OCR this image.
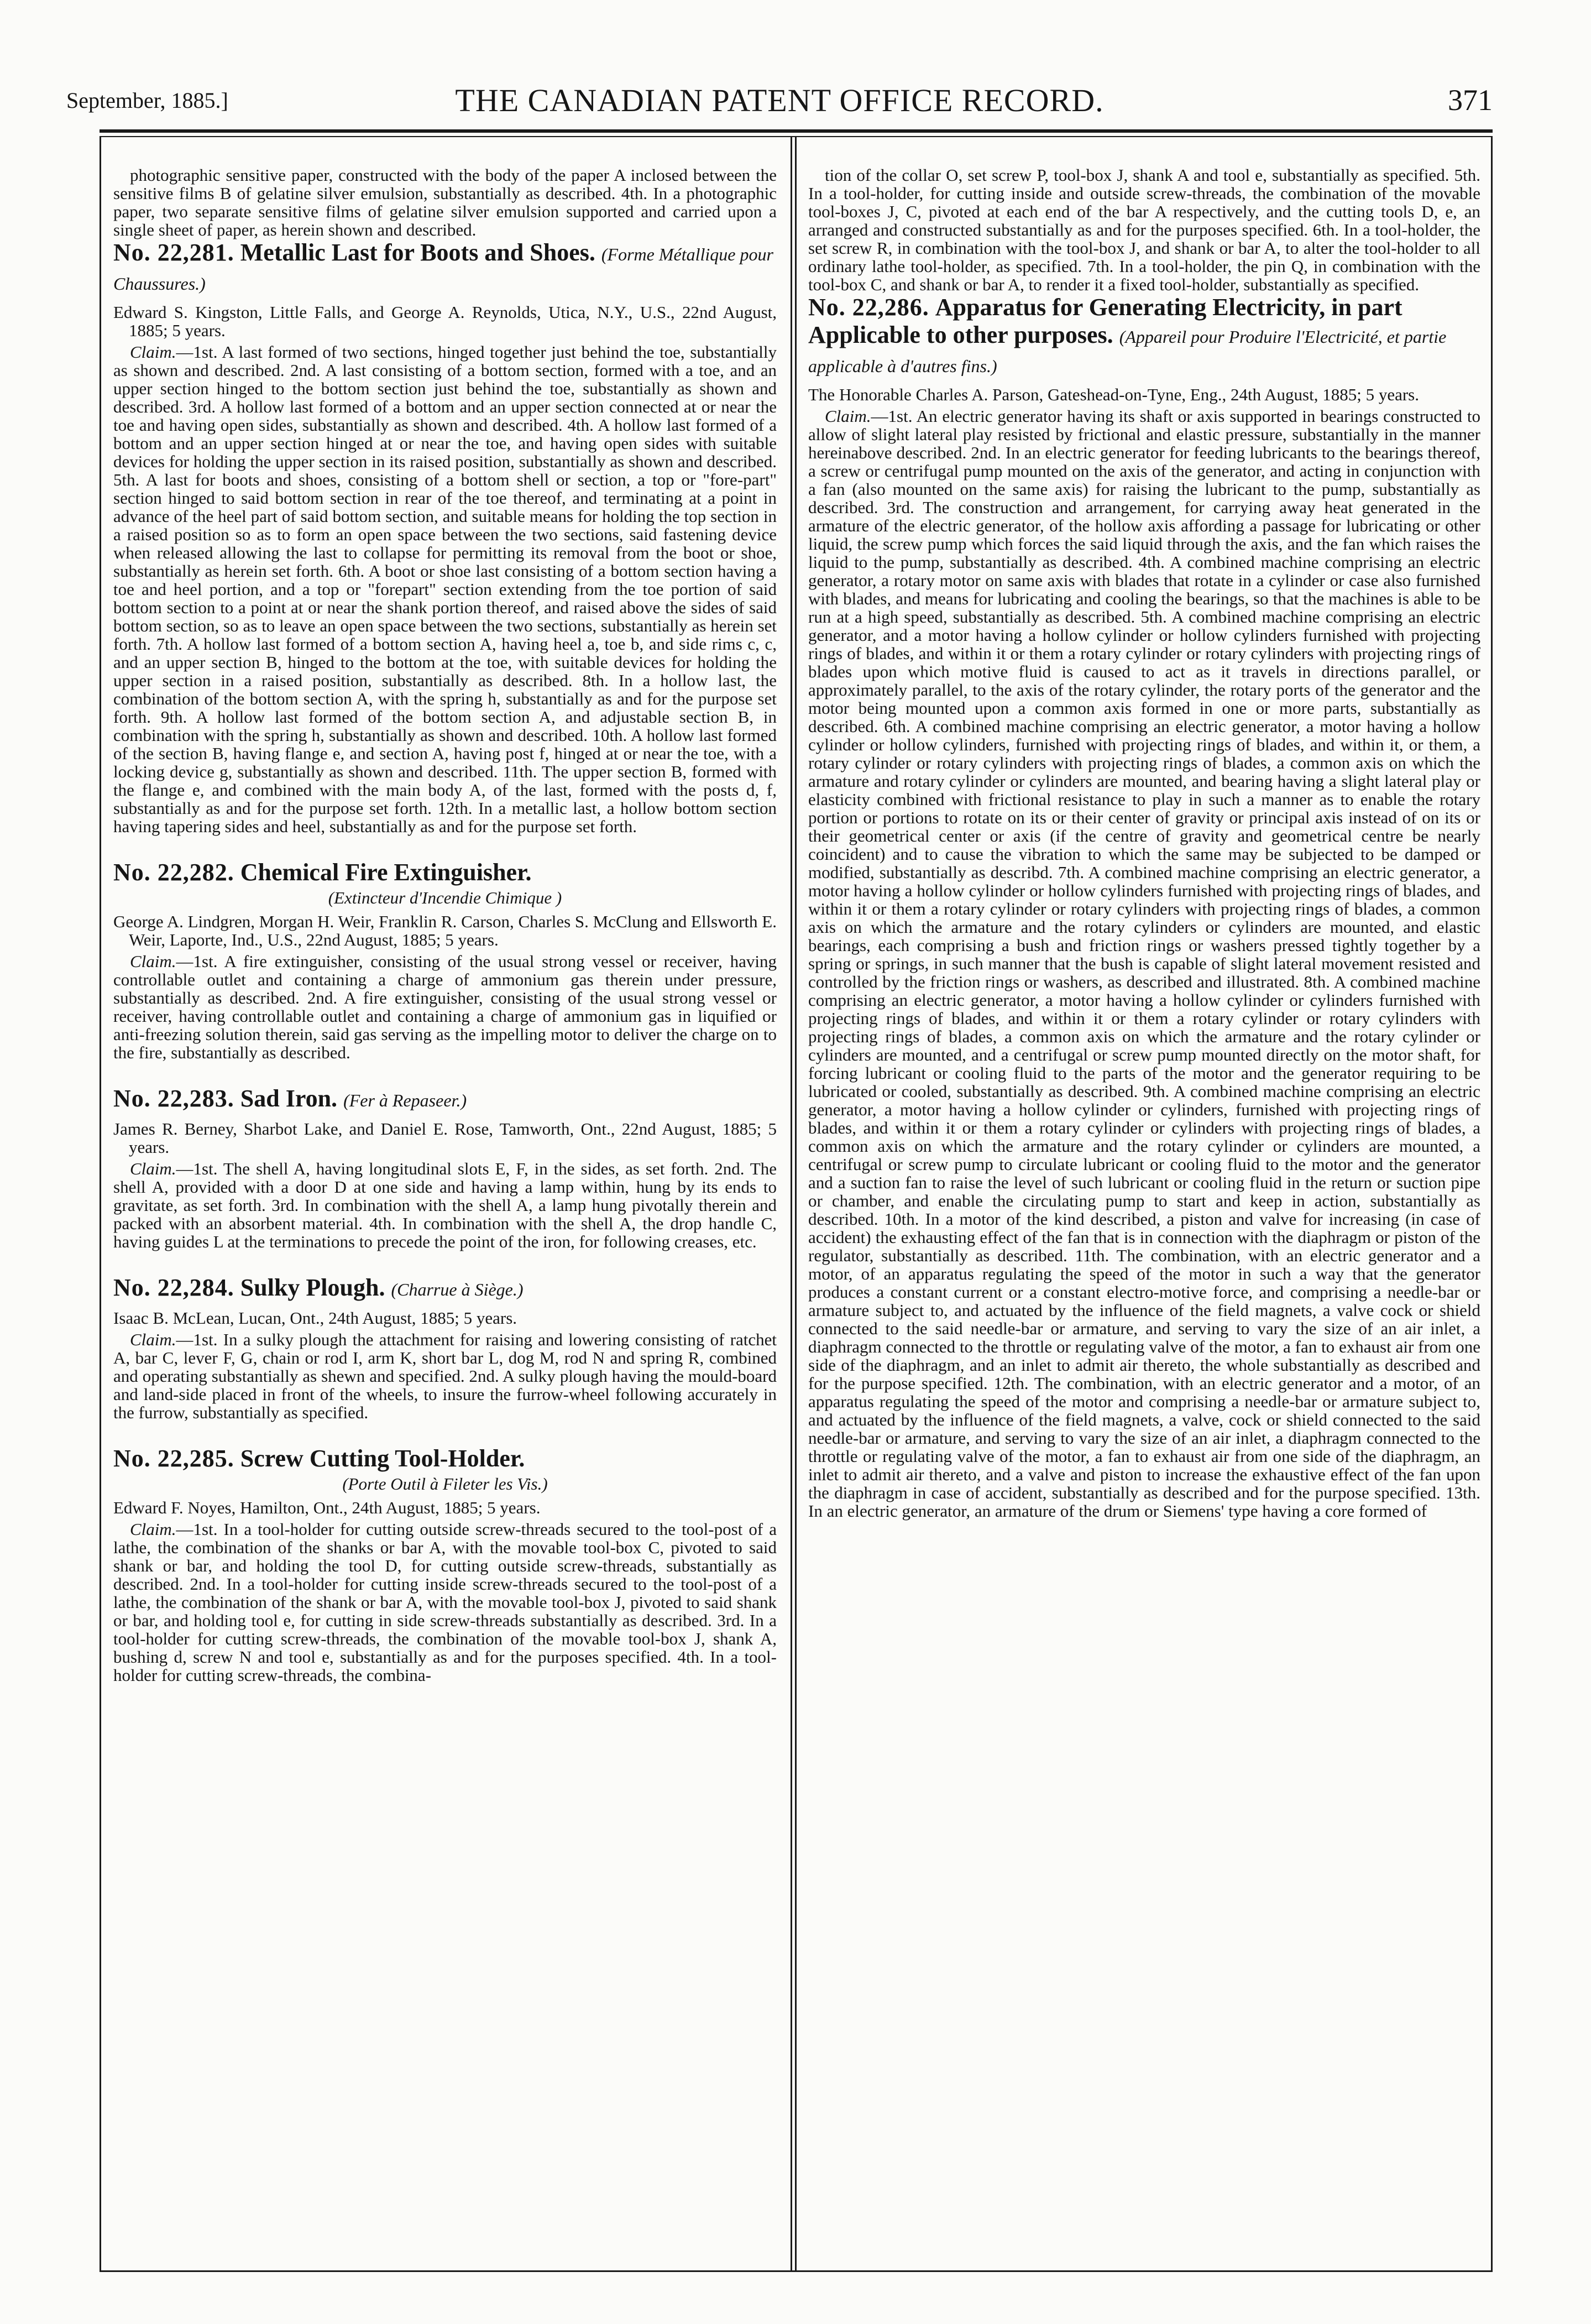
September, 1885.]	THE CANADIAN PATENT OFFICE RECORD.	371

photographic sensitive paper, constructed with the body of the paper A inclosed between the sensitive films B of gelatine silver emulsion, substantially as described. 4th. In a photographic paper, two separate sensitive films of gelatine silver emulsion supported and carried upon a single sheet of paper, as herein shown and described.

No. 22,281. Metallic Last for Boots and Shoes. (Forme Métallique pour Chaussures.)

Edward S. Kingston, Little Falls, and George A. Reynolds, Utica, N.Y., U.S., 22nd August, 1885; 5 years.

Claim.—1st. A last formed of two sections, hinged together just behind the toe, substantially as shown and described. 2nd. A last consisting of a bottom section, formed with a toe, and an upper section hinged to the bottom section just behind the toe, substantially as shown and described. 3rd. A hollow last formed of a bottom and an upper section connected at or near the toe and having open sides, substantially as shown and described. 4th. A hollow last formed of a bottom and an upper section hinged at or near the toe, and having open sides with suitable devices for holding the upper section in its raised position, substantially as shown and described. 5th. A last for boots and shoes, consisting of a bottom shell or section, a top or "fore-part" section hinged to said bottom section in rear of the toe thereof, and terminating at a point in advance of the heel part of said bottom section, and suitable means for holding the top section in a raised position so as to form an open space between the two sections, said fastening device when released allowing the last to collapse for permitting its removal from the boot or shoe, substantially as herein set forth. 6th. A boot or shoe last consisting of a bottom section having a toe and heel portion, and a top or "forepart" section extending from the toe portion of said bottom section to a point at or near the shank portion thereof, and raised above the sides of said bottom section, so as to leave an open space between the two sections, substantially as herein set forth. 7th. A hollow last formed of a bottom section A, having heel a, toe b, and side rims c, c, and an upper section B, hinged to the bottom at the toe, with suitable devices for holding the upper section in a raised position, substantially as described. 8th. In a hollow last, the combination of the bottom section A, with the spring h, substantially as and for the purpose set forth. 9th. A hollow last formed of the bottom section A, and adjustable section B, in combination with the spring h, substantially as shown and described. 10th. A hollow last formed of the section B, having flange e, and section A, having post f, hinged at or near the toe, with a locking device g, substantially as shown and described. 11th. The upper section B, formed with the flange e, and combined with the main body A, of the last, formed with the posts d, f, substantially as and for the purpose set forth. 12th. In a metallic last, a hollow bottom section having tapering sides and heel, substantially as and for the purpose set forth.

No. 22,282. Chemical Fire Extinguisher.

(Extincteur d'Incendie Chimique )

George A. Lindgren, Morgan H. Weir, Franklin R. Carson, Charles S. McClung and Ellsworth E. Weir, Laporte, Ind., U.S., 22nd August, 1885; 5 years.

Claim.—1st. A fire extinguisher, consisting of the usual strong vessel or receiver, having controllable outlet and containing a charge of ammonium gas therein under pressure, substantially as described. 2nd. A fire extinguisher, consisting of the usual strong vessel or receiver, having controllable outlet and containing a charge of ammonium gas in liquified or anti-freezing solution therein, said gas serving as the impelling motor to deliver the charge on to the fire, substantially as described.

No. 22,283. Sad Iron. (Fer à Repaseer.)

James R. Berney, Sharbot Lake, and Daniel E. Rose, Tamworth, Ont., 22nd August, 1885; 5 years.

Claim.—1st. The shell A, having longitudinal slots E, F, in the sides, as set forth. 2nd. The shell A, provided with a door D at one side and having a lamp within, hung by its ends to gravitate, as set forth. 3rd. In combination with the shell A, a lamp hung pivotally therein and packed with an absorbent material. 4th. In combination with the shell A, the drop handle C, having guides L at the terminations to precede the point of the iron, for following creases, etc.

No. 22,284. Sulky Plough. (Charrue à Siège.)

Isaac B. McLean, Lucan, Ont., 24th August, 1885; 5 years.

Claim.—1st. In a sulky plough the attachment for raising and lowering consisting of ratchet A, bar C, lever F, G, chain or rod I, arm K, short bar L, dog M, rod N and spring R, combined and operating substantially as shewn and specified. 2nd. A sulky plough having the mould-board and land-side placed in front of the wheels, to insure the furrow-wheel following accurately in the furrow, substantially as specified.

No. 22,285. Screw Cutting Tool-Holder.

(Porte Outil à Fileter les Vis.)

Edward F. Noyes, Hamilton, Ont., 24th August, 1885; 5 years.

Claim.—1st. In a tool-holder for cutting outside screw-threads secured to the tool-post of a lathe, the combination of the shanks or bar A, with the movable tool-box C, pivoted to said shank or bar, and holding the tool D, for cutting outside screw-threads, substantially as described. 2nd. In a tool-holder for cutting inside screw-threads secured to the tool-post of a lathe, the combination of the shank or bar A, with the movable tool-box J, pivoted to said shank or bar, and holding tool e, for cutting in side screw-threads substantially as described. 3rd. In a tool-holder for cutting screw-threads, the combination of the movable tool-box J, shank A, bushing d, screw N and tool e, substantially as and for the purposes specified. 4th. In a tool-holder for cutting screw-threads, the combina-

tion of the collar O, set screw P, tool-box J, shank A and tool e, substantially as specified. 5th. In a tool-holder, for cutting inside and outside screw-threads, the combination of the movable tool-boxes J, C, pivoted at each end of the bar A respectively, and the cutting tools D, e, an arranged and constructed substantially as and for the purposes specified. 6th. In a tool-holder, the set screw R, in combination with the tool-box J, and shank or bar A, to alter the tool-holder to all ordinary lathe tool-holder, as specified. 7th. In a tool-holder, the pin Q, in combination with the tool-box C, and shank or bar A, to render it a fixed tool-holder, substantially as specified.

No. 22,286. Apparatus for Generating Electricity, in part Applicable to other purposes. (Appareil pour Produire l'Electricité, et partie applicable à d'autres fins.)

The Honorable Charles A. Parson, Gateshead-on-Tyne, Eng., 24th August, 1885; 5 years.

Claim.—1st. An electric generator having its shaft or axis supported in bearings constructed to allow of slight lateral play resisted by frictional and elastic pressure, substantially in the manner hereinabove described. 2nd. In an electric generator for feeding lubricants to the bearings thereof, a screw or centrifugal pump mounted on the axis of the generator, and acting in conjunction with a fan (also mounted on the same axis) for raising the lubricant to the pump, substantially as described. 3rd. The construction and arrangement, for carrying away heat generated in the armature of the electric generator, of the hollow axis affording a passage for lubricating or other liquid, the screw pump which forces the said liquid through the axis, and the fan which raises the liquid to the pump, substantially as described. 4th. A combined machine comprising an electric generator, a rotary motor on same axis with blades that rotate in a cylinder or case also furnished with blades, and means for lubricating and cooling the bearings, so that the machines is able to be run at a high speed, substantially as described. 5th. A combined machine comprising an electric generator, and a motor having a hollow cylinder or hollow cylinders furnished with projecting rings of blades, and within it or them a rotary cylinder or rotary cylinders with projecting rings of blades upon which motive fluid is caused to act as it travels in directions parallel, or approximately parallel, to the axis of the rotary cylinder, the rotary ports of the generator and the motor being mounted upon a common axis formed in one or more parts, substantially as described. 6th. A combined machine comprising an electric generator, a motor having a hollow cylinder or hollow cylinders, furnished with projecting rings of blades, and within it, or them, a rotary cylinder or rotary cylinders with projecting rings of blades, a common axis on which the armature and rotary cylinder or cylinders are mounted, and bearing having a slight lateral play or elasticity combined with frictional resistance to play in such a manner as to enable the rotary portion or portions to rotate on its or their center of gravity or principal axis instead of on its or their geometrical center or axis (if the centre of gravity and geometrical centre be nearly coincident) and to cause the vibration to which the same may be subjected to be damped or modified, substantially as describd. 7th. A combined machine comprising an electric generator, a motor having a hollow cylinder or hollow cylinders furnished with projecting rings of blades, and within it or them a rotary cylinder or rotary cylinders with projecting rings of blades, a common axis on which the armature and the rotary cylinders or cylinders are mounted, and elastic bearings, each comprising a bush and friction rings or washers pressed tightly together by a spring or springs, in such manner that the bush is capable of slight lateral movement resisted and controlled by the friction rings or washers, as described and illustrated. 8th. A combined machine comprising an electric generator, a motor having a hollow cylinder or cylinders furnished with projecting rings of blades, and within it or them a rotary cylinder or rotary cylinders with projecting rings of blades, a common axis on which the armature and the rotary cylinder or cylinders are mounted, and a centrifugal or screw pump mounted directly on the motor shaft, for forcing lubricant or cooling fluid to the parts of the motor and the generator requiring to be lubricated or cooled, substantially as described. 9th. A combined machine comprising an electric generator, a motor having a hollow cylinder or cylinders, furnished with projecting rings of blades, and within it or them a rotary cylinder or cylinders with projecting rings of blades, a common axis on which the armature and the rotary cylinder or cylinders are mounted, a centrifugal or screw pump to circulate lubricant or cooling fluid to the motor and the generator and a suction fan to raise the level of such lubricant or cooling fluid in the return or suction pipe or chamber, and enable the circulating pump to start and keep in action, substantially as described. 10th. In a motor of the kind described, a piston and valve for increasing (in case of accident) the exhausting effect of the fan that is in connection with the diaphragm or piston of the regulator, substantially as described. 11th. The combination, with an electric generator and a motor, of an apparatus regulating the speed of the motor in such a way that the generator produces a constant current or a constant electro-motive force, and comprising a needle-bar or armature subject to, and actuated by the influence of the field magnets, a valve cock or shield connected to the said needle-bar or armature, and serving to vary the size of an air inlet, a diaphragm connected to the throttle or regulating valve of the motor, a fan to exhaust air from one side of the diaphragm, and an inlet to admit air thereto, the whole substantially as described and for the purpose specified. 12th. The combination, with an electric generator and a motor, of an apparatus regulating the speed of the motor and comprising a needle-bar or armature subject to, and actuated by the influence of the field magnets, a valve, cock or shield connected to the said needle-bar or armature, and serving to vary the size of an air inlet, a diaphragm connected to the throttle or regulating valve of the motor, a fan to exhaust air from one side of the diaphragm, an inlet to admit air thereto, and a valve and piston to increase the exhaustive effect of the fan upon the diaphragm in case of accident, substantially as described and for the purpose specified. 13th. In an electric generator, an armature of the drum or Siemens' type having a core formed of
